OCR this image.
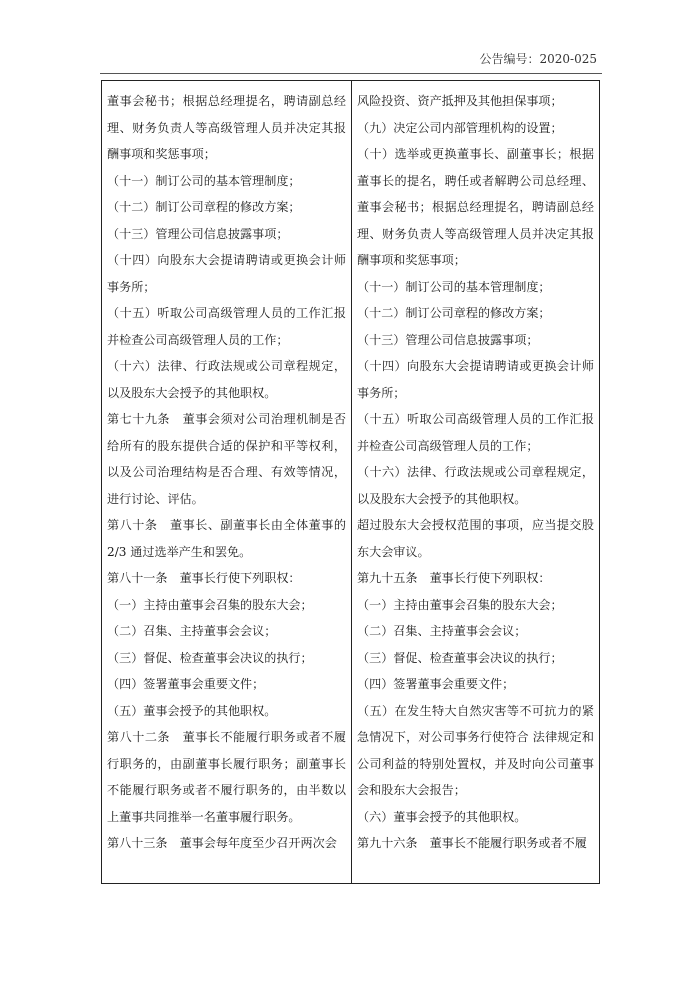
公告编号：2020-025

董事会秘书；根据总经理提名，聘请副总经理、财务负责人等高级管理人员并决定其报酬事项和奖惩事项；

（十一）制订公司的基本管理制度；

（十二）制订公司章程的修改方案；

（十三）管理公司信息披露事项；

（十四）向股东大会提请聘请或更换会计师事务所；

（十五）听取公司高级管理人员的工作汇报并检查公司高级管理人员的工作；

（十六）法律、行政法规或公司章程规定，以及股东大会授予的其他职权。

第七十九条　董事会须对公司治理机制是否给所有的股东提供合适的保护和平等权利，以及公司治理结构是否合理、有效等情况，进行讨论、评估。

第八十条　董事长、副董事长由全体董事的 2/3 通过选举产生和罢免。

第八十一条　董事长行使下列职权：

（一）主持由董事会召集的股东大会；

（二）召集、主持董事会会议；

（三）督促、检查董事会决议的执行；

（四）签署董事会重要文件；

（五）董事会授予的其他职权。

第八十二条　董事长不能履行职务或者不履行职务的，由副董事长履行职务；副董事长不能履行职务或者不履行职务的，由半数以上董事共同推举一名董事履行职务。

第八十三条　董事会每年度至少召开两次会

风险投资、资产抵押及其他担保事项；

（九）决定公司内部管理机构的设置；

（十）选举或更换董事长、副董事长；根据董事长的提名，聘任或者解聘公司总经理、董事会秘书；根据总经理提名，聘请副总经理、财务负责人等高级管理人员并决定其报酬事项和奖惩事项；

（十一）制订公司的基本管理制度；

（十二）制订公司章程的修改方案；

（十三）管理公司信息披露事项；

（十四）向股东大会提请聘请或更换会计师事务所；

（十五）听取公司高级管理人员的工作汇报并检查公司高级管理人员的工作；

（十六）法律、行政法规或公司章程规定，以及股东大会授予的其他职权。

超过股东大会授权范围的事项，应当提交股东大会审议。

第九十五条　董事长行使下列职权：

（一）主持由董事会召集的股东大会；

（二）召集、主持董事会会议；

（三）督促、检查董事会决议的执行；

（四）签署董事会重要文件；

（五）在发生特大自然灾害等不可抗力的紧急情况下，对公司事务行使符合 法律规定和公司利益的特别处置权，并及时向公司董事会和股东大会报告；

（六）董事会授予的其他职权。

第九十六条　董事长不能履行职务或者不履
